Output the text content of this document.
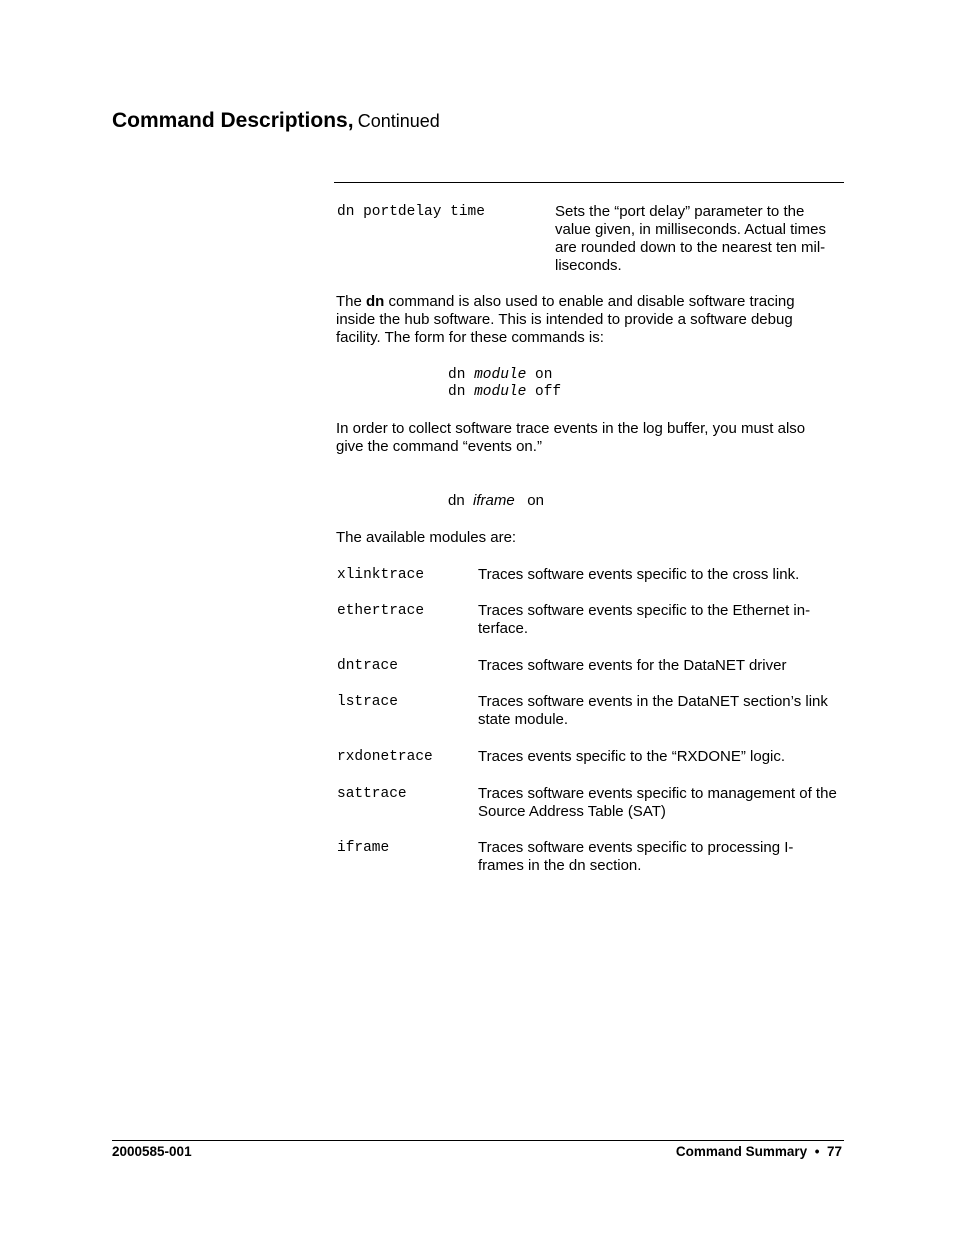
Command Descriptions, Continued
dn portdelay time	Sets the “port delay” parameter to the value given, in milliseconds. Actual times are rounded down to the nearest ten mil-liseconds.
The dn command is also used to enable and disable software tracing inside the hub software. This is intended to provide a software debug facility. The form for these commands is:
dn module on
dn module off
In order to collect software trace events in the log buffer, you must also give the command “events on.”
dn iframe on
The available modules are:
xlinktrace	Traces software events specific to the cross link.
ethertrace	Traces software events specific to the Ethernet in-terface.
dntrace	Traces software events for the DataNET driver
lstrace	Traces software events in the DataNET section’s link state module.
rxdonetrace	Traces events specific to the “RXDONE” logic.
sattrace	Traces software events specific to management of the Source Address Table (SAT)
iframe	Traces software events specific to processing I-frames in the dn section.
2000585-001	Command Summary • 77
